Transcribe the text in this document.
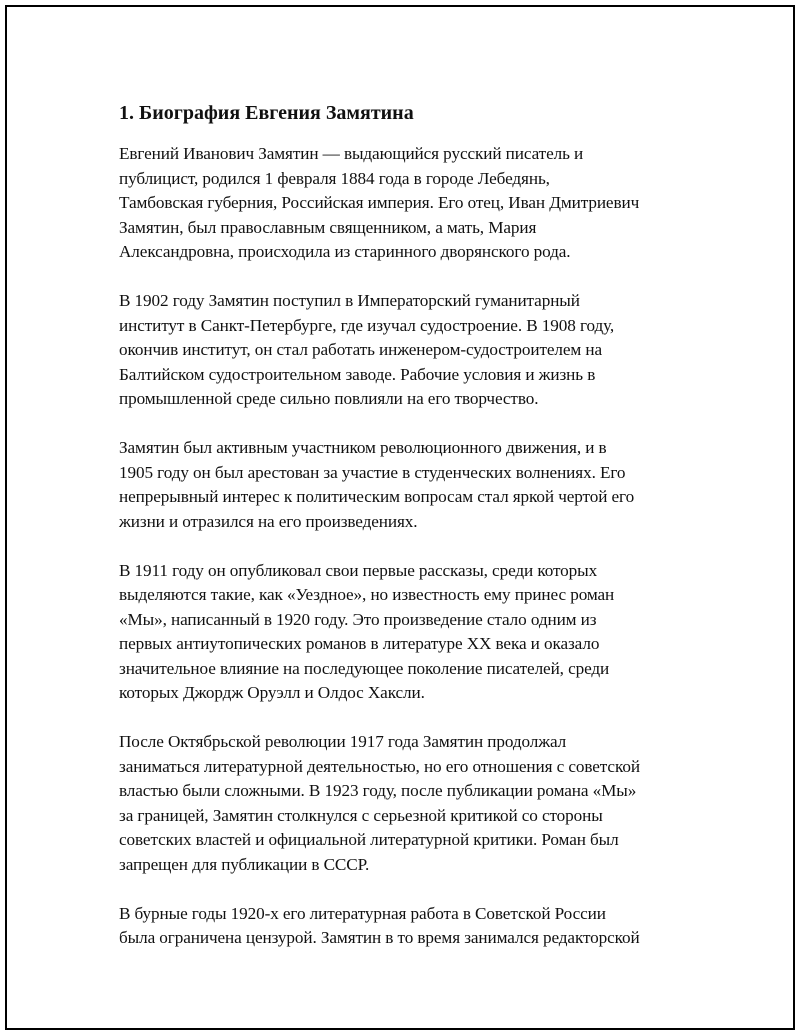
1. Биография Евгения Замятина

Евгений Иванович Замятин — выдающийся русский писатель и
публицист, родился 1 февраля 1884 года в городе Лебедянь,
Тамбовская губерния, Российская империя. Его отец, Иван Дмитриевич
Замятин, был православным священником, а мать, Мария
Александровна, происходила из старинного дворянского рода.

В 1902 году Замятин поступил в Императорский гуманитарный
институт в Санкт-Петербурге, где изучал судостроение. В 1908 году,
окончив институт, он стал работать инженером-судостроителем на
Балтийском судостроительном заводе. Рабочие условия и жизнь в
промышленной среде сильно повлияли на его творчество.

Замятин был активным участником революционного движения, и в
1905 году он был арестован за участие в студенческих волнениях. Его
непрерывный интерес к политическим вопросам стал яркой чертой его
жизни и отразился на его произведениях.

В 1911 году он опубликовал свои первые рассказы, среди которых
выделяются такие, как «Уездное», но известность ему принес роман
«Мы», написанный в 1920 году. Это произведение стало одним из
первых антиутопических романов в литературе XX века и оказало
значительное влияние на последующее поколение писателей, среди
которых Джордж Оруэлл и Олдос Хаксли.

После Октябрьской революции 1917 года Замятин продолжал
заниматься литературной деятельностью, но его отношения с советской
властью были сложными. В 1923 году, после публикации романа «Мы»
за границей, Замятин столкнулся с серьезной критикой со стороны
советских властей и официальной литературной критики. Роман был
запрещен для публикации в СССР.

В бурные годы 1920-х его литературная работа в Советской России
была ограничена цензурой. Замятин в то время занимался редакторской
